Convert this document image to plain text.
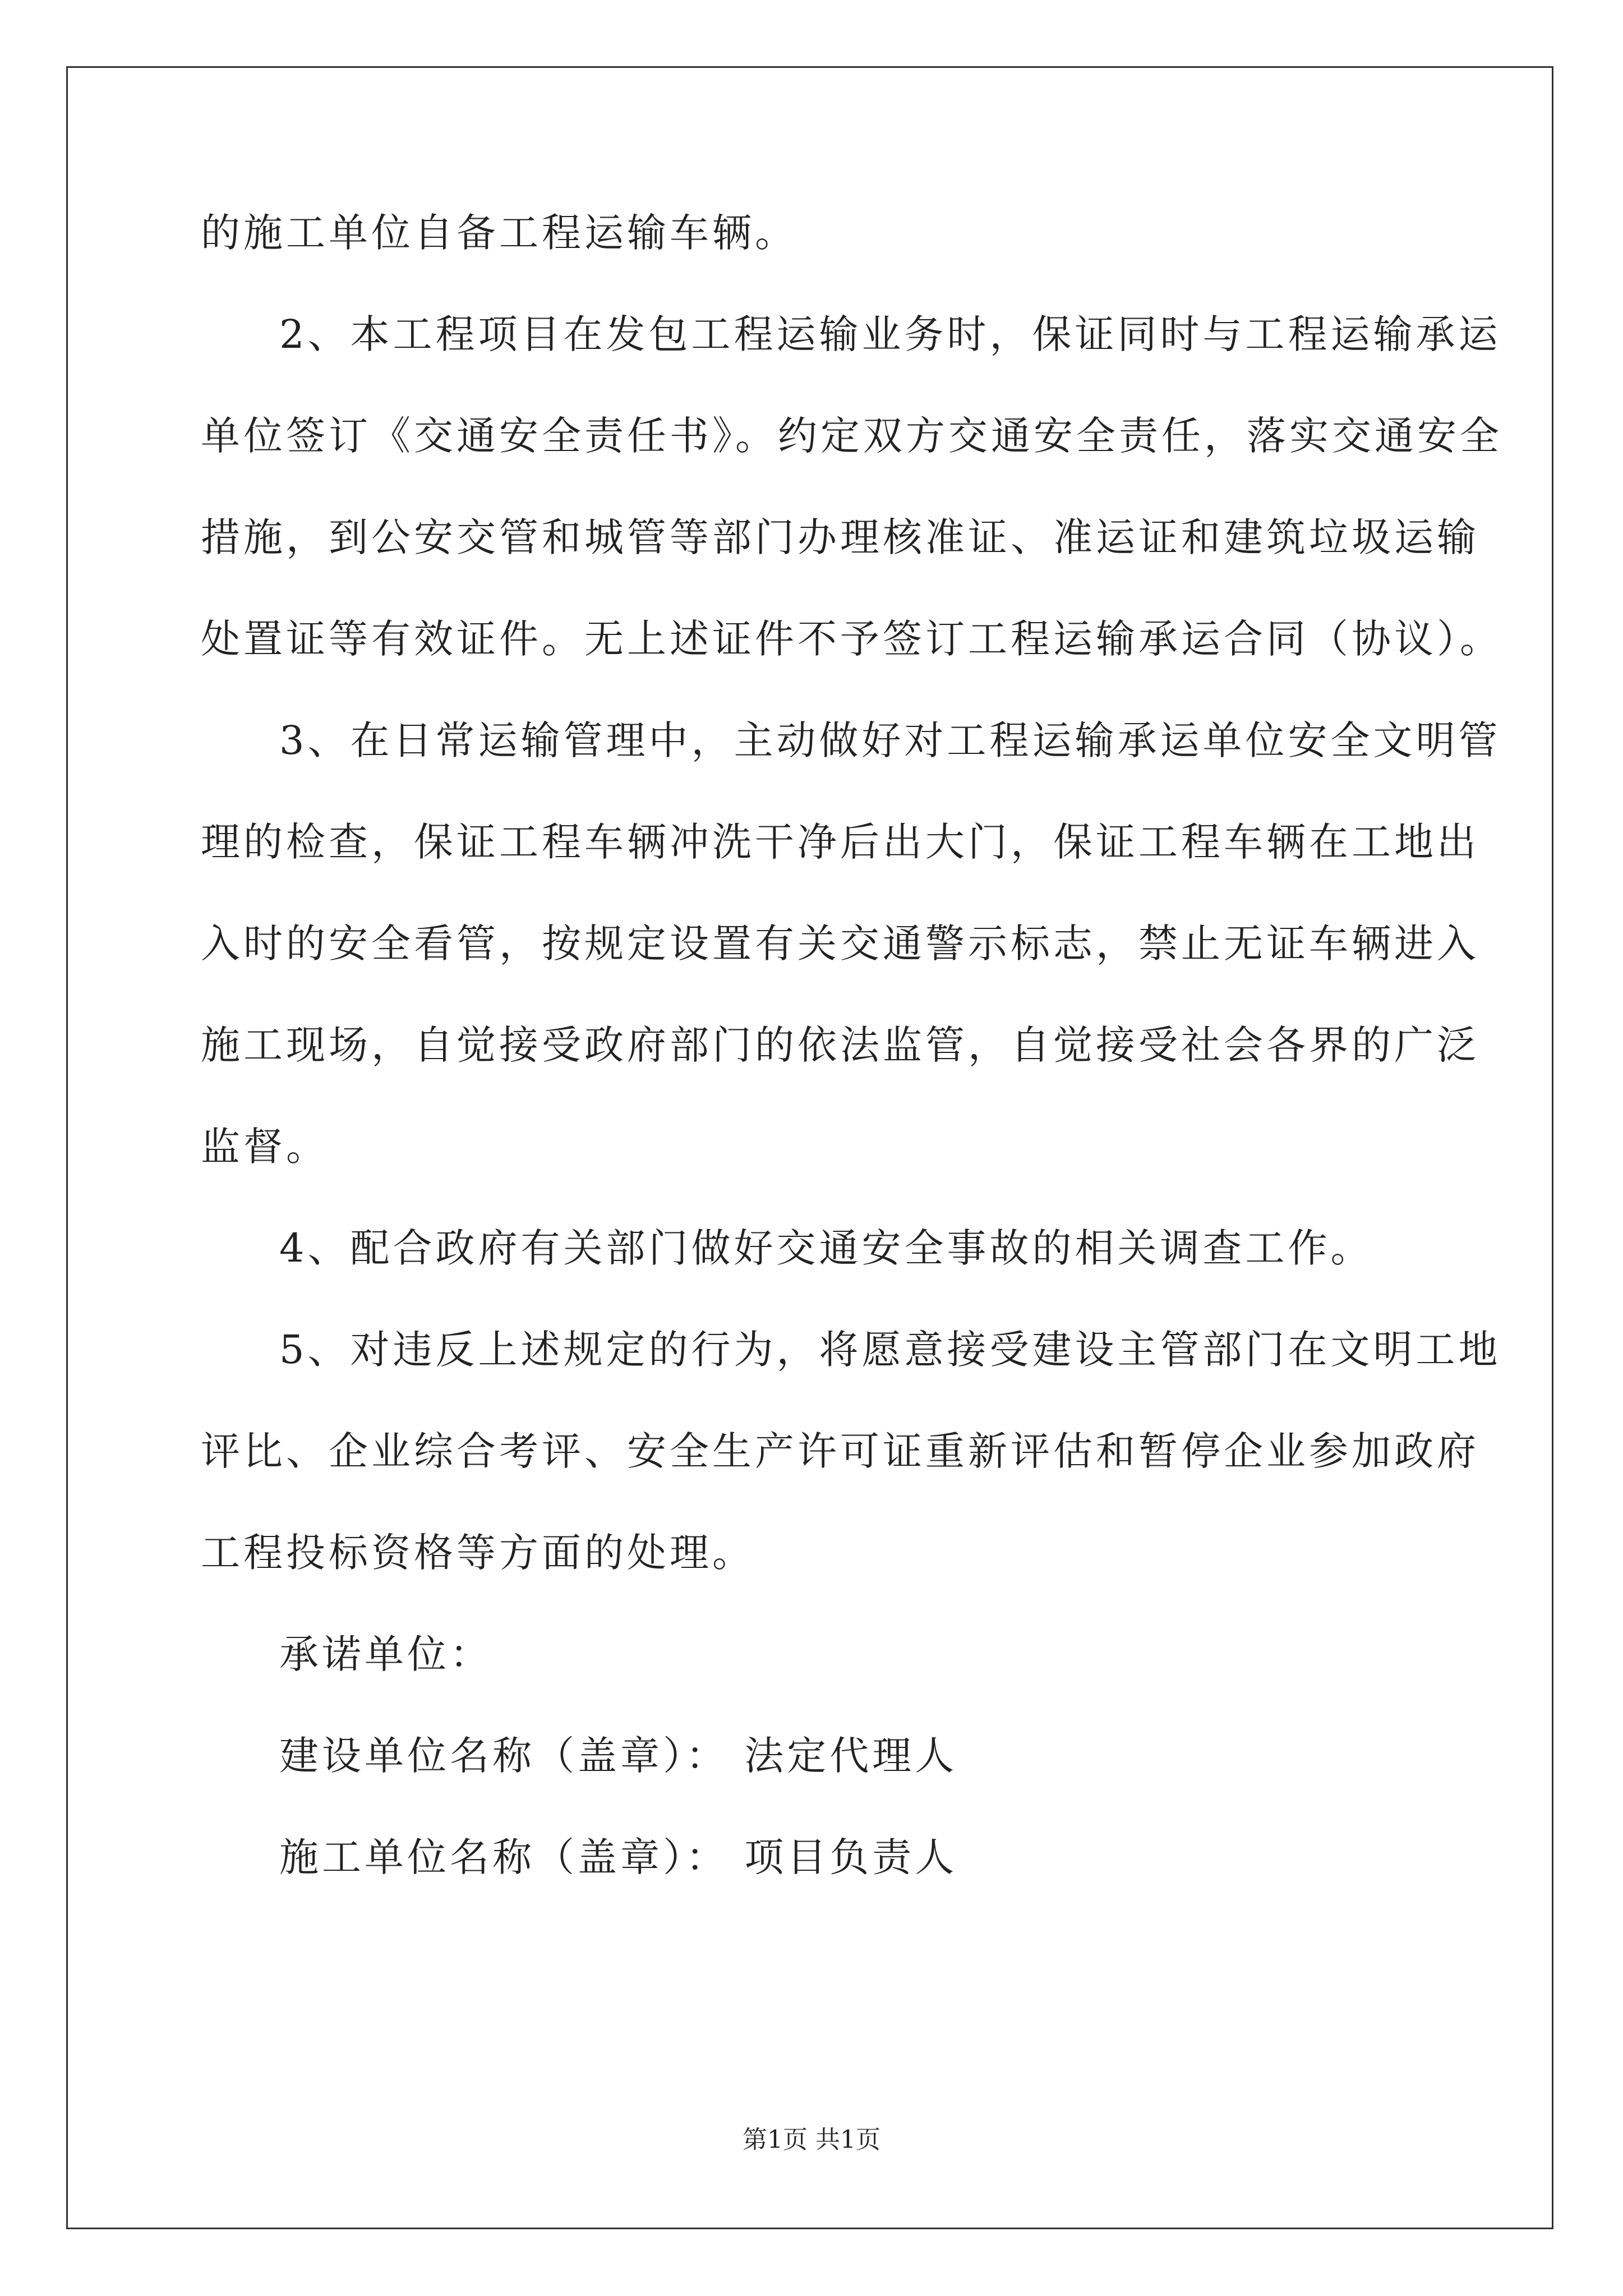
的施工单位自备工程运输车辆。
2、本工程项目在发包工程运输业务时，保证同时与工程运输承运
单位签订《交通安全责任书》。约定双方交通安全责任，落实交通安全
措施，到公安交管和城管等部门办理核准证、准运证和建筑垃圾运输
处置证等有效证件。无上述证件不予签订工程运输承运合同（协议）。
3、在日常运输管理中，主动做好对工程运输承运单位安全文明管
理的检查，保证工程车辆冲洗干净后出大门，保证工程车辆在工地出
入时的安全看管，按规定设置有关交通警示标志，禁止无证车辆进入
施工现场，自觉接受政府部门的依法监管，自觉接受社会各界的广泛
监督。
4、配合政府有关部门做好交通安全事故的相关调查工作。
5、对违反上述规定的行为，将愿意接受建设主管部门在文明工地
评比、企业综合考评、安全生产许可证重新评估和暂停企业参加政府
工程投标资格等方面的处理。
承诺单位：
建设单位名称（盖章）： 法定代理人
施工单位名称（盖章）： 项目负责人
第1页 共1页
